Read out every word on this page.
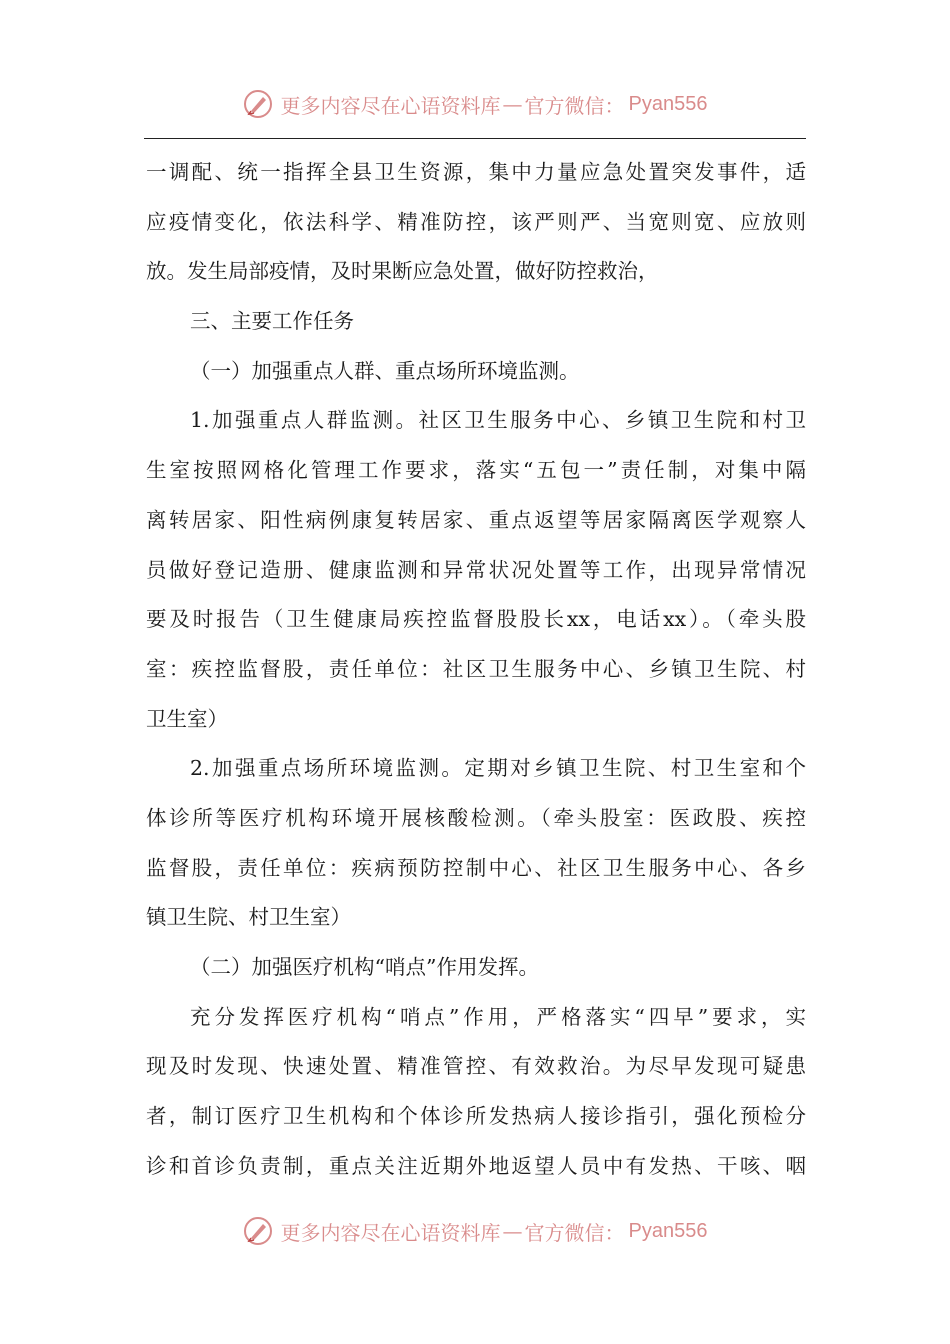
更多内容尽在心语资料库 — 官方微信： Pyan556
一调配、统一指挥全县卫生资源，集中力量应急处置突发事件，适
应疫情变化，依法科学、精准防控，该严则严、当宽则宽、应放则
放。发生局部疫情，及时果断应急处置，做好防控救治，
三、主要工作任务
（一）加强重点人群、重点场所环境监测。
1.加强重点人群监测。社区卫生服务中心、乡镇卫生院和村卫
生室按照网格化管理工作要求，落实“五包一”责任制，对集中隔
离转居家、阳性病例康复转居家、重点返望等居家隔离医学观察人
员做好登记造册、健康监测和异常状况处置等工作，出现异常情况
要及时报告（卫生健康局疾控监督股股长xx，电话xx）。（牵头股
室：疾控监督股，责任单位：社区卫生服务中心、乡镇卫生院、村
卫生室）
2.加强重点场所环境监测。定期对乡镇卫生院、村卫生室和个
体诊所等医疗机构环境开展核酸检测。（牵头股室：医政股、疾控
监督股，责任单位：疾病预防控制中心、社区卫生服务中心、各乡
镇卫生院、村卫生室）
（二）加强医疗机构“哨点”作用发挥。
充分发挥医疗机构“哨点”作用，严格落实“四早”要求，实
现及时发现、快速处置、精准管控、有效救治。为尽早发现可疑患
者，制订医疗卫生机构和个体诊所发热病人接诊指引，强化预检分
诊和首诊负责制，重点关注近期外地返望人员中有发热、干咳、咽
更多内容尽在心语资料库 — 官方微信： Pyan556
